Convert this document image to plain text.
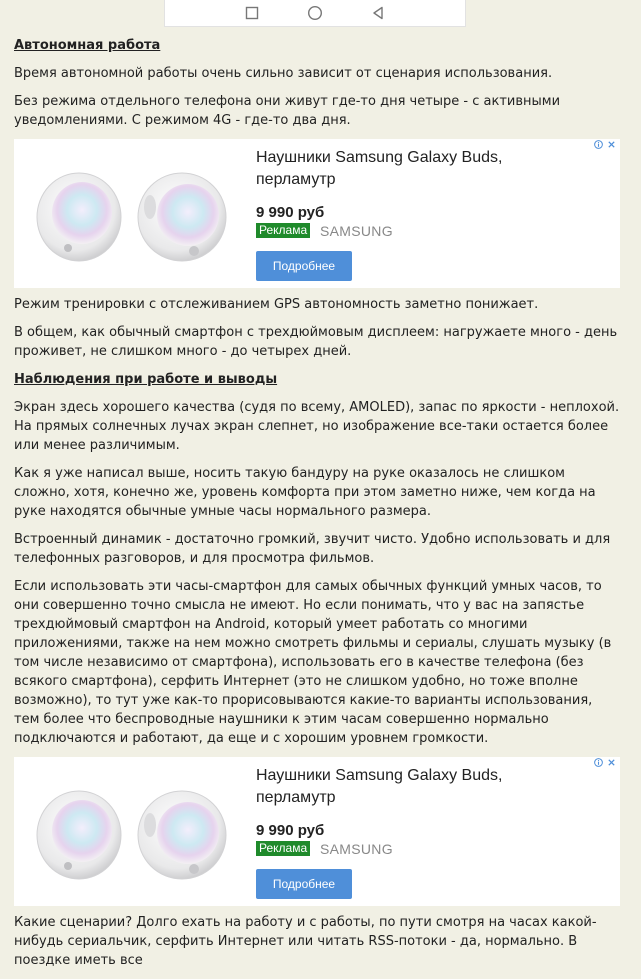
Автономная работа

Время автономной работы очень сильно зависит от сценария использования.

Без режима отдельного телефона они живут где-то дня четыре - с активными уведомлениями. С режимом 4G - где-то два дня.

Наушники Samsung Galaxy Buds, перламутр
9 990 руб
Реклама SAMSUNG
Подробнее

Режим тренировки с отслеживанием GPS автономность заметно понижает.

В общем, как обычный смартфон с трехдюймовым дисплеем: нагружаете много - день проживет, не слишком много - до четырех дней.

Наблюдения при работе и выводы

Экран здесь хорошего качества (судя по всему, AMOLED), запас по яркости - неплохой. На прямых солнечных лучах экран слепнет, но изображение все-таки остается более или менее различимым.

Как я уже написал выше, носить такую бандуру на руке оказалось не слишком сложно, хотя, конечно же, уровень комфорта при этом заметно ниже, чем когда на руке находятся обычные умные часы нормального размера.

Встроенный динамик - достаточно громкий, звучит чисто. Удобно использовать и для телефонных разговоров, и для просмотра фильмов.

Если использовать эти часы-смартфон для самых обычных функций умных часов, то они совершенно точно смысла не имеют. Но если понимать, что у вас на запястье трехдюймовый смартфон на Android, который умеет работать со многими приложениями, также на нем можно смотреть фильмы и сериалы, слушать музыку (в том числе независимо от смартфона), использовать его в качестве телефона (без всякого смартфона), серфить Интернет (это не слишком удобно, но тоже вполне возможно), то тут уже как-то прорисовываются какие-то варианты использования, тем более что беспроводные наушники к этим часам совершенно нормально подключаются и работают, да еще и с хорошим уровнем громкости.

Наушники Samsung Galaxy Buds, перламутр
9 990 руб
Реклама SAMSUNG
Подробнее

Какие сценарии? Долго ехать на работу и с работы, по пути смотря на часах какой-нибудь сериальчик, серфить Интернет или читать RSS-потоки - да, нормально. В поездке иметь все
